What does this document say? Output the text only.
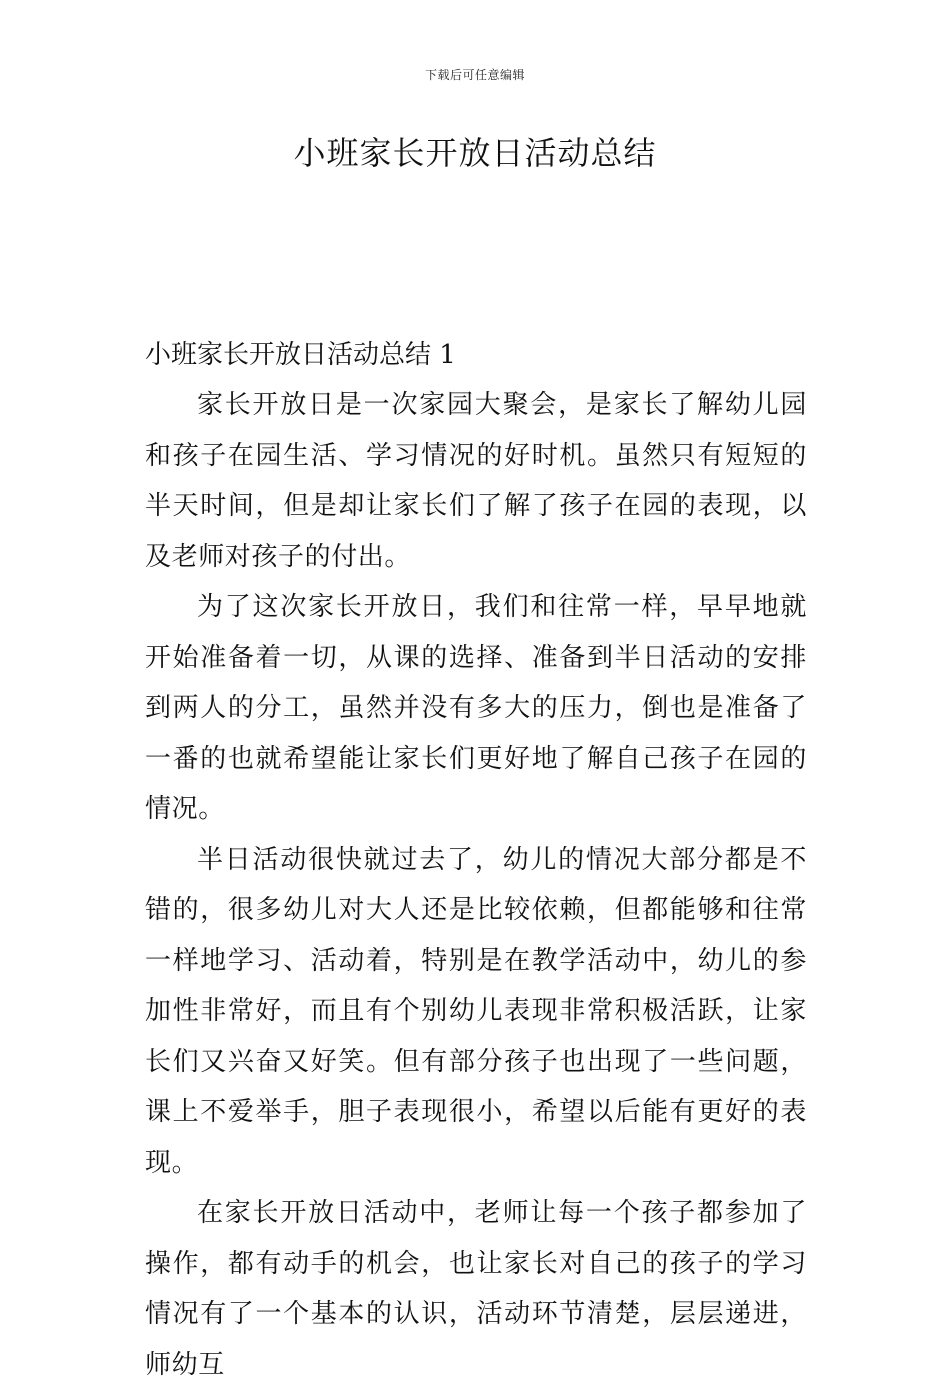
下载后可任意编辑
小班家长开放日活动总结
小班家长开放日活动总结 1

家长开放日是一次家园大聚会，是家长了解幼儿园和孩子在园生活、学习情况的好时机。虽然只有短短的半天时间，但是却让家长们了解了孩子在园的表现，以及老师对孩子的付出。

为了这次家长开放日，我们和往常一样，早早地就开始准备着一切，从课的选择、准备到半日活动的安排到两人的分工，虽然并没有多大的压力，倒也是准备了一番的也就希望能让家长们更好地了解自己孩子在园的情况。

半日活动很快就过去了，幼儿的情况大部分都是不错的，很多幼儿对大人还是比较依赖，但都能够和往常一样地学习、活动着，特别是在教学活动中，幼儿的参加性非常好，而且有个别幼儿表现非常积极活跃，让家长们又兴奋又好笑。但有部分孩子也出现了一些问题，课上不爱举手，胆子表现很小，希望以后能有更好的表现。

在家长开放日活动中，老师让每一个孩子都参加了操作，都有动手的机会，也让家长对自己的孩子的学习情况有了一个基本的认识，活动环节清楚，层层递进，师幼互
